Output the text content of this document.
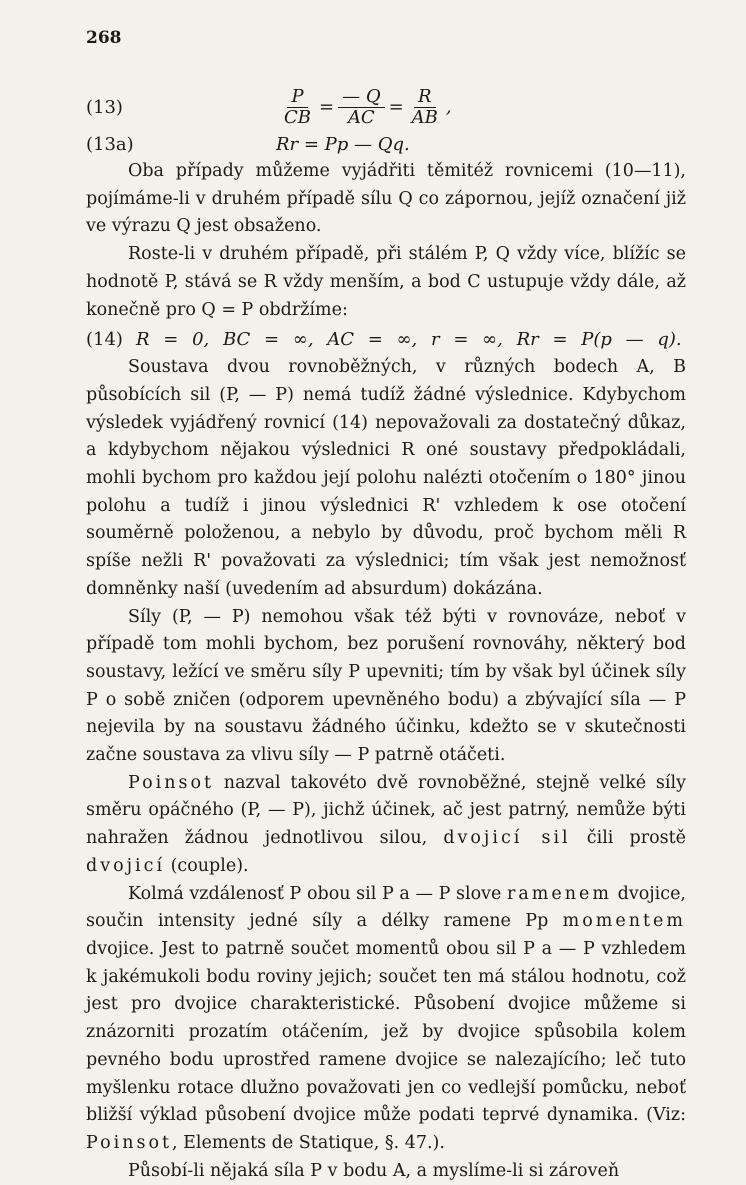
268
(13)	$\frac{P}{CB} = \frac{— Q}{AC} = \frac{R}{AB}$ ,
(13a)	Rr = Pp — Qq.

Oba případy můžeme vyjádřiti těmitéž rovnicemi (10—11), pojímáme-li v druhém případě sílu Q co zápornou, jejíž označení již ve výrazu Q jest obsaženo.

Roste-li v druhém případě, při stálém P, Q vždy více, blížíc se hodnotě P, stává se R vždy menším, a bod C ustupuje vždy dále, až konečně pro Q = P obdržíme:

(14) R = 0, BC = ∞, AC = ∞, r = ∞, Rr = P(p — q).

Soustava dvou rovnoběžných, v různých bodech A, B působících sil (P, — P) nemá tudíž žádné výslednice. Kdybychom výsledek vyjádřený rovnicí (14) nepovažovali za dostatečný důkaz, a kdybychom nějakou výslednici R oné soustavy předpokládali, mohli bychom pro každou její polohu nalézti otočením o 180° jinou polohu a tudíž i jinou výslednici R' vzhledem k ose otočení souměrně položenou, a nebylo by důvodu, proč bychom měli R spíše nežli R' považovati za výslednici; tím však jest nemožnosť domněnky naší (uvedením ad absurdum) dokázána.

Síly (P, — P) nemohou však též býti v rovnováze, neboť v případě tom mohli bychom, bez porušení rovnováhy, některý bod soustavy, ležící ve směru síly P upevniti; tím by však byl účinek síly P o sobě zničen (odporem upevněného bodu) a zbývající síla — P nejevila by na soustavu žádného účinku, kdežto se v skutečnosti začne soustava za vlivu síly — P patrně otáčeti.

Poinsot nazval takovéto dvě rovnoběžné, stejně velké síly směru opáčného (P, — P), jichž účinek, ač jest patrný, nemůže býti nahražen žádnou jednotlivou silou, dvojicí sil čili prostě dvojicí (couple).

Kolmá vzdálenosť P obou sil P a — P slove ramenem dvojice, součin intensity jedné síly a délky ramene Pp momentem dvojice. Jest to patrně součet momentů obou sil P a — P vzhledem k jakémukoli bodu roviny jejich; součet ten má stálou hodnotu, což jest pro dvojice charakteristické. Působení dvojice můžeme si znázorniti prozatím otáčením, jež by dvojice spůsobila kolem pevného bodu uprostřed ramene dvojice se nalezajícího; leč tuto myšlenku rotace dlužno považovati jen co vedlejší pomůcku, neboť bližší výklad působení dvojice může podati teprvé dynamika. (Viz: Poinsot, Elements de Statique, §. 47.).

Působí-li nějaká síla P v bodu A, a myslíme-li si zároveň
